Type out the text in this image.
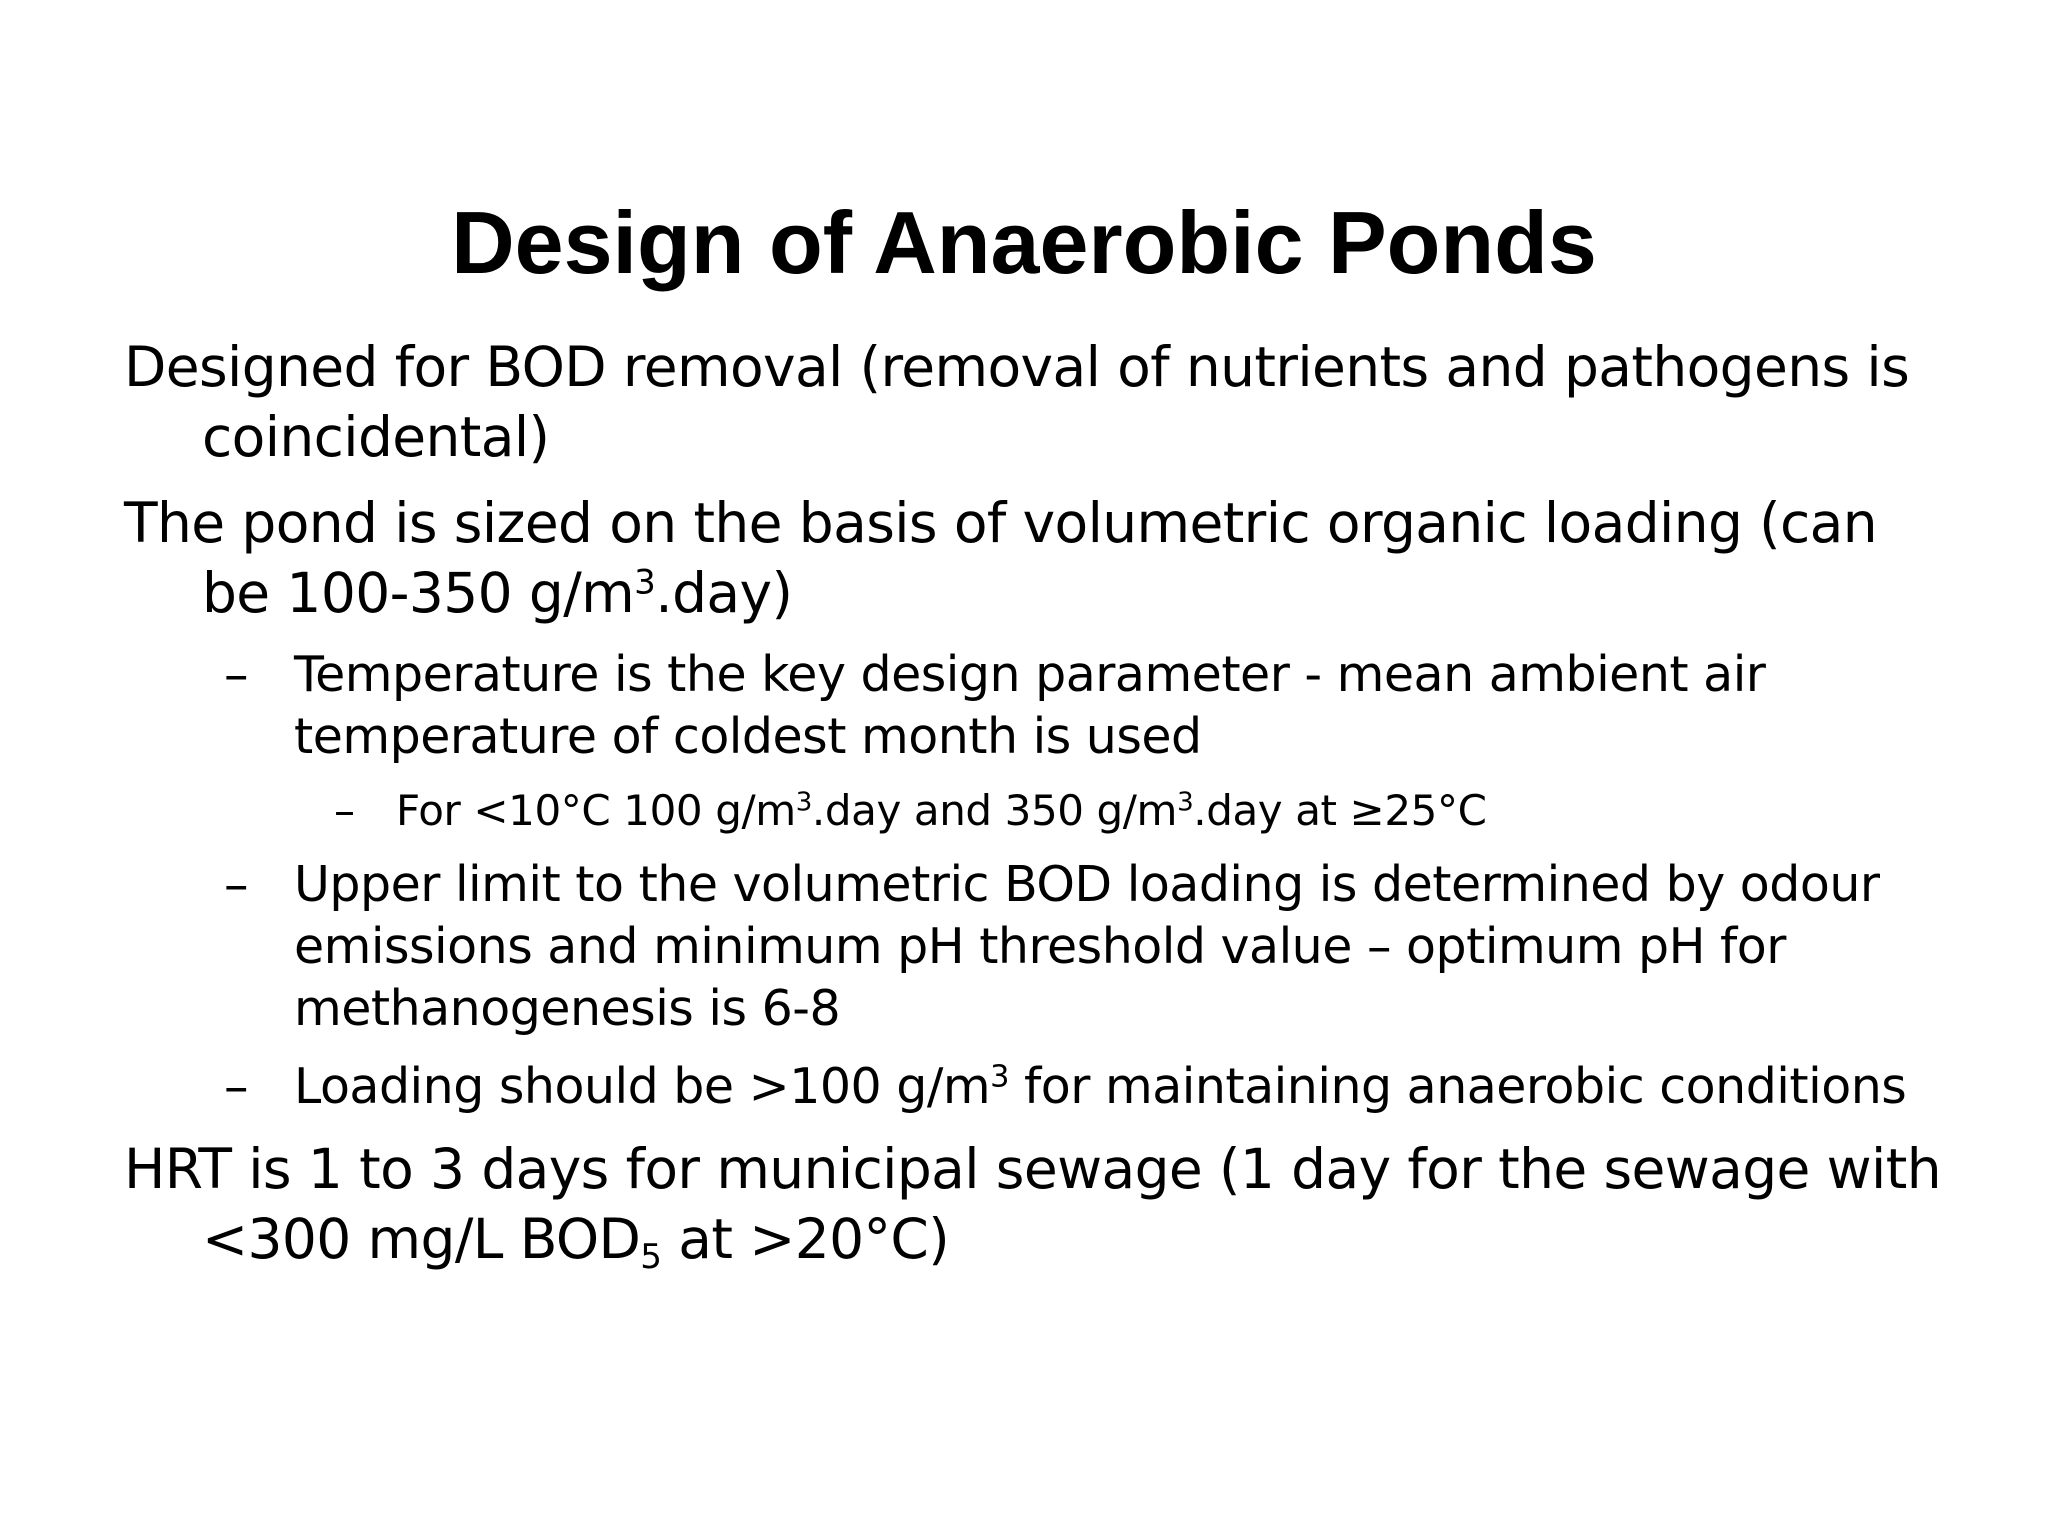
Design of Anaerobic Ponds

Designed for BOD removal (removal of nutrients and pathogens is coincidental)

The pond is sized on the basis of volumetric organic loading (can be 100-350 $g/m^3.day$)

– Temperature is the key design parameter - mean ambient air temperature of coldest month is used

– For <10°C 100 $g/m^3.day$ and 350 $g/m^3.day$ at ≥25°C

– Upper limit to the volumetric BOD loading is determined by odour emissions and minimum pH threshold value – optimum pH for methanogenesis is 6-8

– Loading should be >100 $g/m^3$ for maintaining anaerobic conditions

HRT is 1 to 3 days for municipal sewage (1 day for the sewage with <300 mg/L $BOD_5$ at >20°C)
